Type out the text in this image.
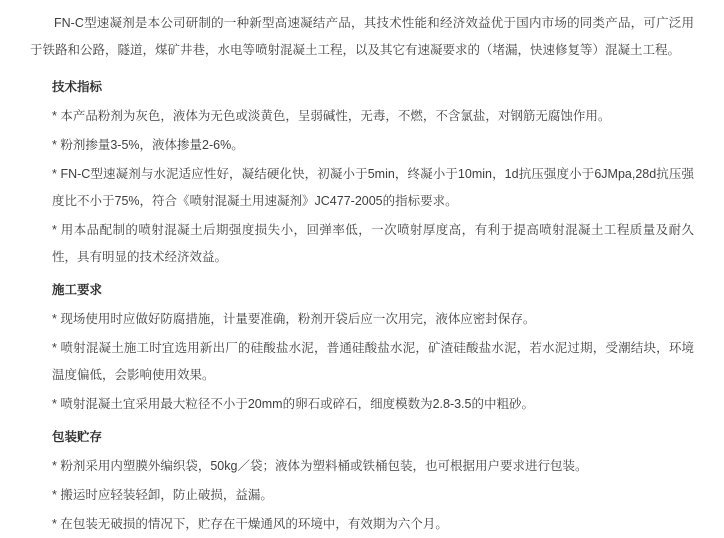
FN-C型速凝剂是本公司研制的一种新型高速凝结产品，其技术性能和经济效益优于国内市场的同类产品，可广泛用于铁路和公路，隧道，煤矿井巷，水电等喷射混凝土工程，以及其它有速凝要求的（堵漏，快速修复等）混凝土工程。

技术指标

* 本产品粉剂为灰色，液体为无色或淡黄色，呈弱碱性，无毒，不燃，不含氯盐，对钢筋无腐蚀作用。

* 粉剂掺量3-5%，液体掺量2-6%。

* FN-C型速凝剂与水泥适应性好，凝结硬化快，初凝小于5min，终凝小于10min，1d抗压强度小于6JMpa,28d抗压强度比不小于75%，符合《喷射混凝土用速凝剂》JC477-2005的指标要求。

* 用本品配制的喷射混凝土后期强度损失小，回弹率低，一次喷射厚度高，有利于提高喷射混凝土工程质量及耐久性，具有明显的技术经济效益。

施工要求

* 现场使用时应做好防腐措施，计量要准确，粉剂开袋后应一次用完，液体应密封保存。

* 喷射混凝土施工时宜选用新出厂的硅酸盐水泥，普通硅酸盐水泥，矿渣硅酸盐水泥，若水泥过期，受潮结块，环境温度偏低，会影响使用效果。

* 喷射混凝土宜采用最大粒径不小于20mm的卵石或碎石，细度模数为2.8-3.5的中粗砂。

包装贮存

* 粉剂采用内塑膜外编织袋，50kg／袋；液体为塑料桶或铁桶包装，也可根据用户要求进行包装。

* 搬运时应轻装轻卸，防止破损，益漏。

* 在包装无破损的情况下，贮存在干燥通风的环境中，有效期为六个月。
